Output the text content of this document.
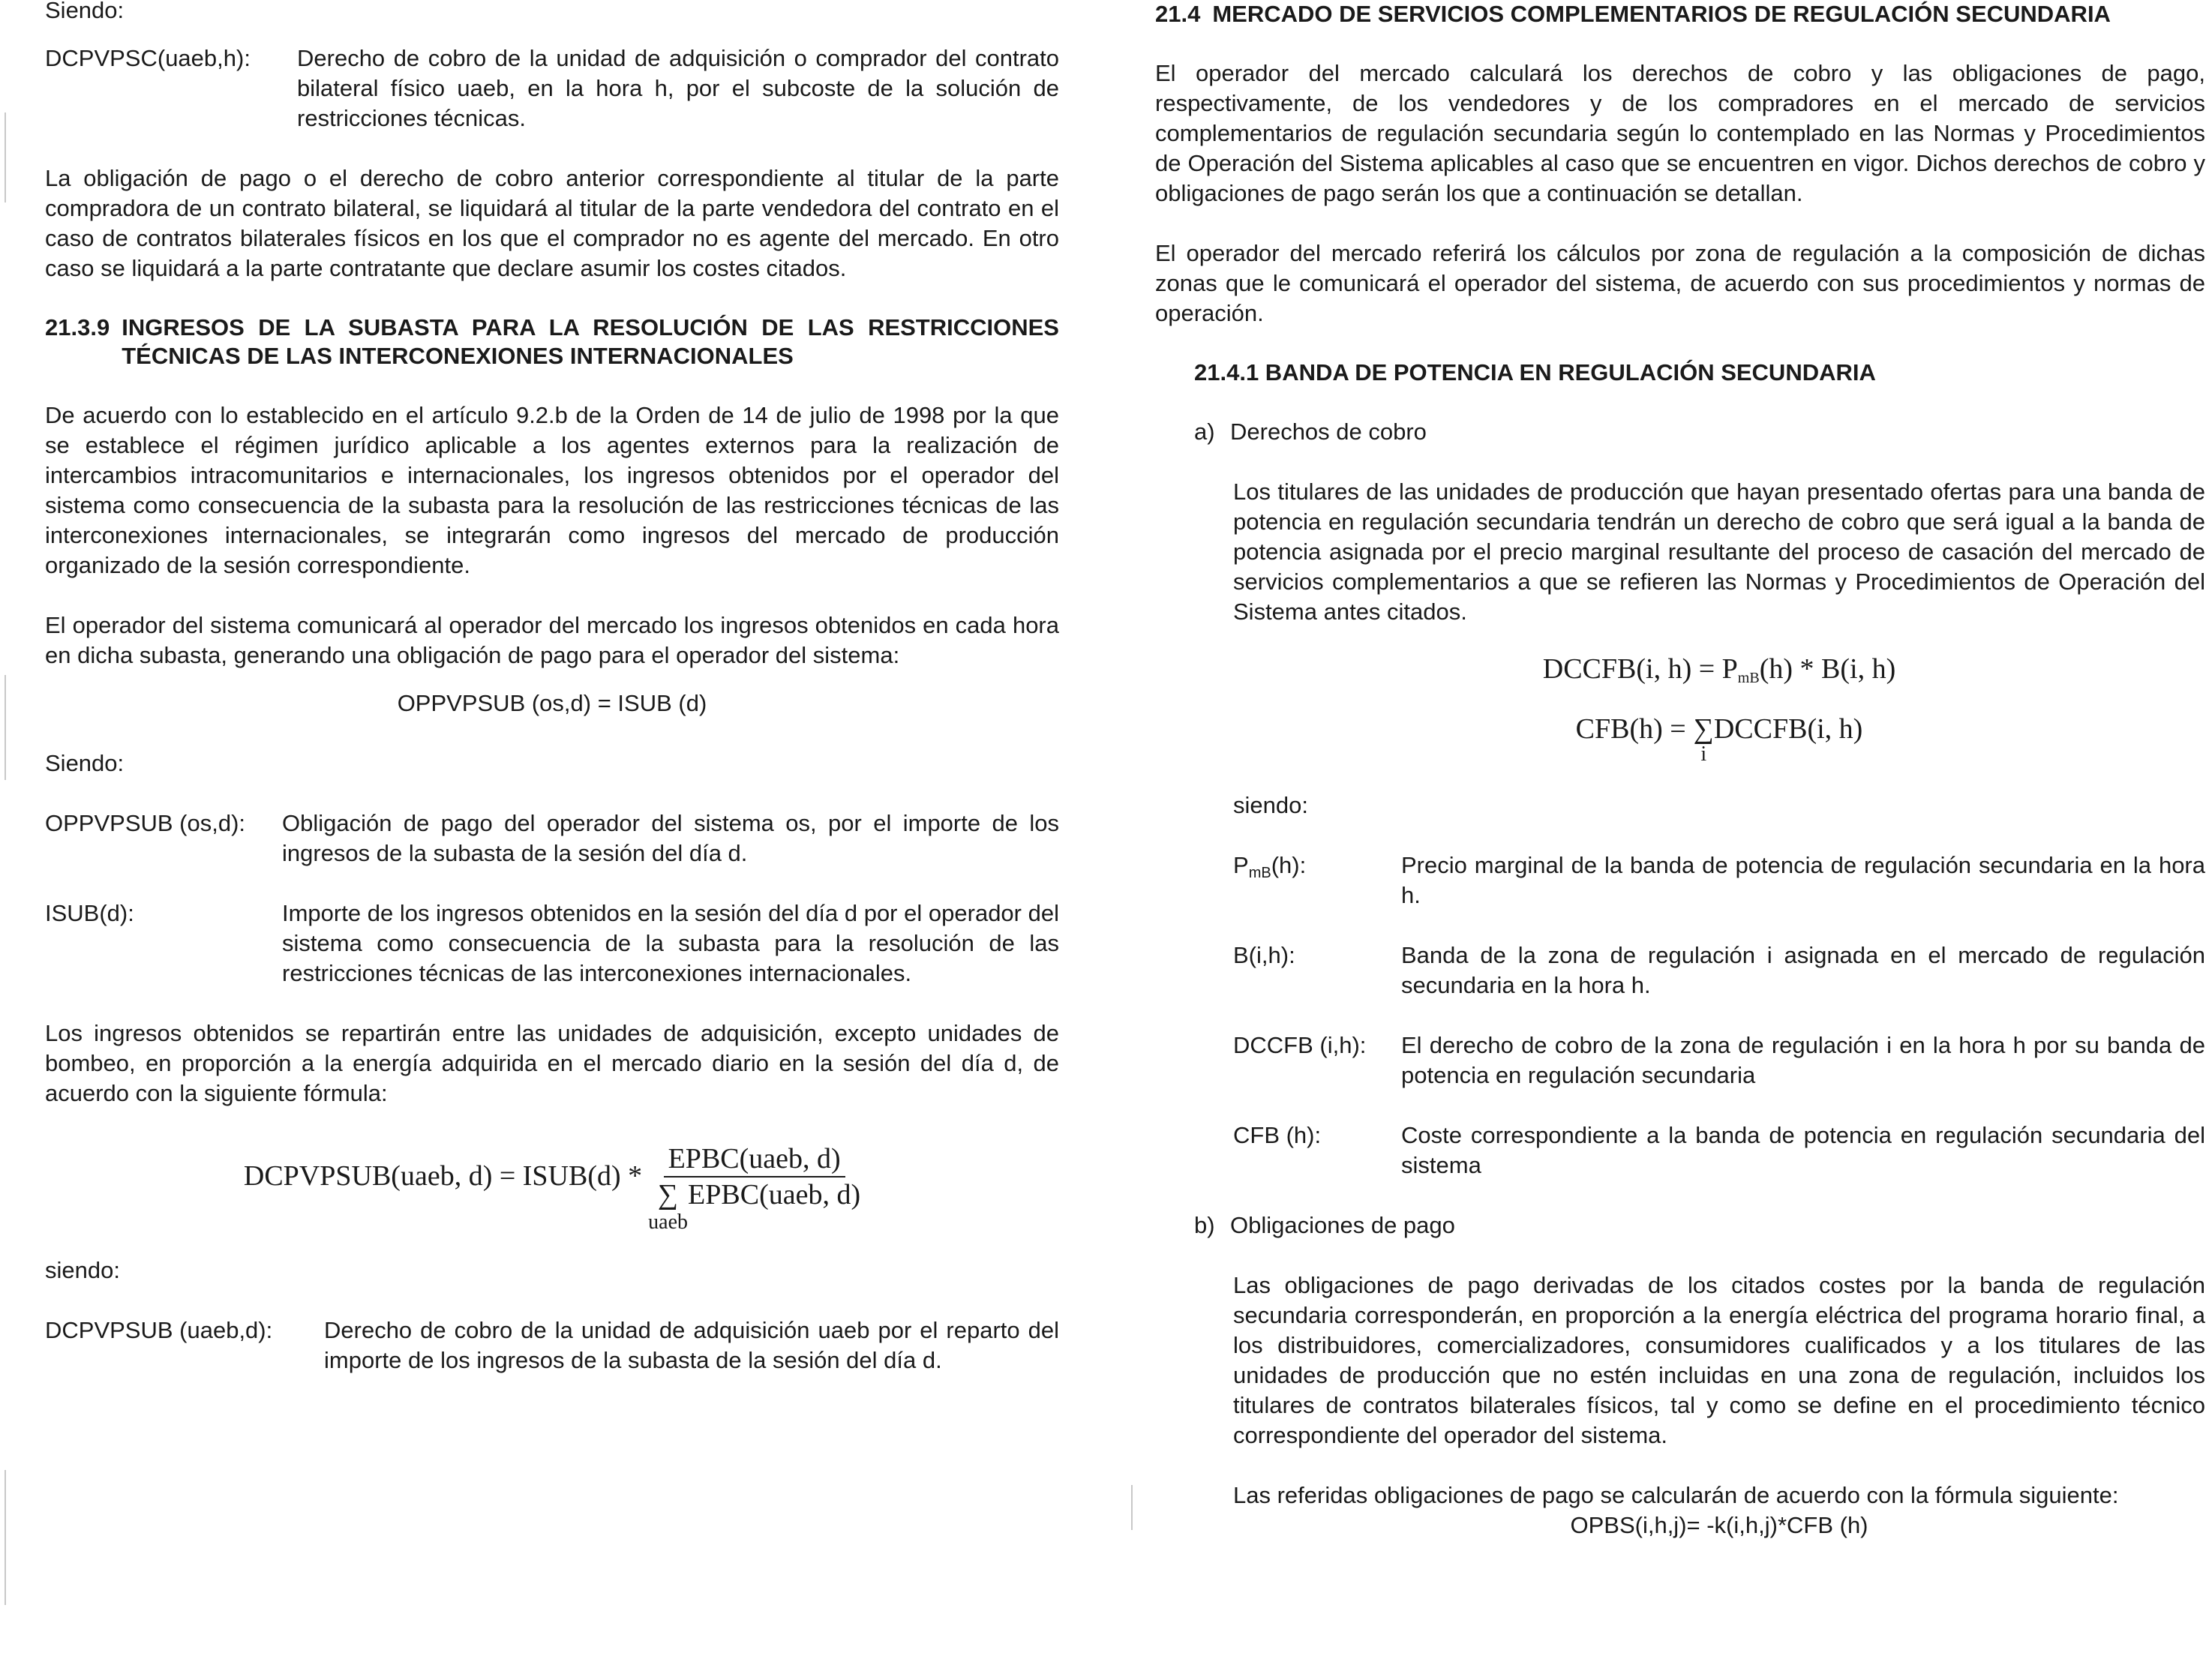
Siendo:

DCPVPSC(uaeb,h):	Derecho de cobro de la unidad de adquisición o comprador del contrato bilateral físico uaeb, en la hora h, por el subcoste de la solución de restricciones técnicas.

La obligación de pago o el derecho de cobro anterior correspondiente al titular de la parte compradora de un contrato bilateral, se liquidará al titular de la parte vendedora del contrato en el caso de contratos bilaterales físicos en los que el comprador no es agente del mercado. En otro caso se liquidará a la parte contratante que declare asumir los costes citados.

21.3.9 INGRESOS DE LA SUBASTA PARA LA RESOLUCIÓN DE LAS RESTRICCIONES TÉCNICAS DE LAS INTERCONEXIONES INTERNACIONALES

De acuerdo con lo establecido en el artículo 9.2.b de la Orden de 14 de julio de 1998 por la que se establece el régimen jurídico aplicable a los agentes externos para la realización de intercambios intracomunitarios e internacionales, los ingresos obtenidos por el operador del sistema como consecuencia de la subasta para la resolución de las restricciones técnicas de las interconexiones internacionales, se integrarán como ingresos del mercado de producción organizado de la sesión correspondiente.

El operador del sistema comunicará al operador del mercado los ingresos obtenidos en cada hora en dicha subasta, generando una obligación de pago para el operador del sistema:

OPPVPSUB (os,d) = ISUB (d)

Siendo:

OPPVPSUB (os,d):	Obligación de pago del operador del sistema os, por el importe de los ingresos de la subasta de la sesión del día d.
ISUB(d):	Importe de los ingresos obtenidos en la sesión del día d por el operador del sistema como consecuencia de la subasta para la resolución de las restricciones técnicas de las interconexiones internacionales.

Los ingresos obtenidos se repartirán entre las unidades de adquisición, excepto unidades de bombeo, en proporción a la energía adquirida en el mercado diario en la sesión del día d, de acuerdo con la siguiente fórmula:

DCPVPSUB(uaeb, d) = ISUB(d) * EPBC(uaeb, d)
∑
uaeb
EPBC(uaeb, d)

siendo:

DCPVPSUB (uaeb,d):	Derecho de cobro de la unidad de adquisición uaeb por el reparto del importe de los ingresos de la subasta de la sesión del día d.
21.4 MERCADO DE SERVICIOS COMPLEMENTARIOS DE REGULACIÓN SECUNDARIA

El operador del mercado calculará los derechos de cobro y las obligaciones de pago, respectivamente, de los vendedores y de los compradores en el mercado de servicios complementarios de regulación secundaria según lo contemplado en las Normas y Procedimientos de Operación del Sistema aplicables al caso que se encuentren en vigor. Dichos derechos de cobro y obligaciones de pago serán los que a continuación se detallan.

El operador del mercado referirá los cálculos por zona de regulación a la composición de dichas zonas que le comunicará el operador del sistema, de acuerdo con sus procedimientos y normas de operación.

21.4.1 BANDA DE POTENCIA EN REGULACIÓN SECUNDARIA
a) Derechos de cobro

Los titulares de las unidades de producción que hayan presentado ofertas para una banda de potencia en regulación secundaria tendrán un derecho de cobro que será igual a la banda de potencia asignada por el precio marginal resultante del proceso de casación del mercado de servicios complementarios a que se refieren las Normas y Procedimientos de Operación del Sistema antes citados.

DCCFB(i, $h) = P_{mB}(h) * B(i$, h)

CFB(h) = ∑
i
DCCFB(i, h)

siendo:

$P_{mB}(h)$:	Precio marginal de la banda de potencia de regulación secundaria en la hora h.
B(i,h):	Banda de la zona de regulación i asignada en el mercado de regulación secundaria en la hora h.
DCCFB (i,h):	El derecho de cobro de la zona de regulación i en la hora h por su banda de potencia en regulación secundaria
CFB (h):	Coste correspondiente a la banda de potencia en regulación secundaria del sistema
b) Obligaciones de pago

Las obligaciones de pago derivadas de los citados costes por la banda de regulación secundaria corresponderán, en proporción a la energía eléctrica del programa horario final, a los distribuidores, comercializadores, consumidores cualificados y a los titulares de las unidades de producción que no estén incluidas en una zona de regulación, incluidos los titulares de contratos bilaterales físicos, tal y como se define en el procedimiento técnico correspondiente del operador del sistema.

Las referidas obligaciones de pago se calcularán de acuerdo con la fórmula siguiente:

OPBS(i,h,j)= -k(i,h,j)*CFB (h)
